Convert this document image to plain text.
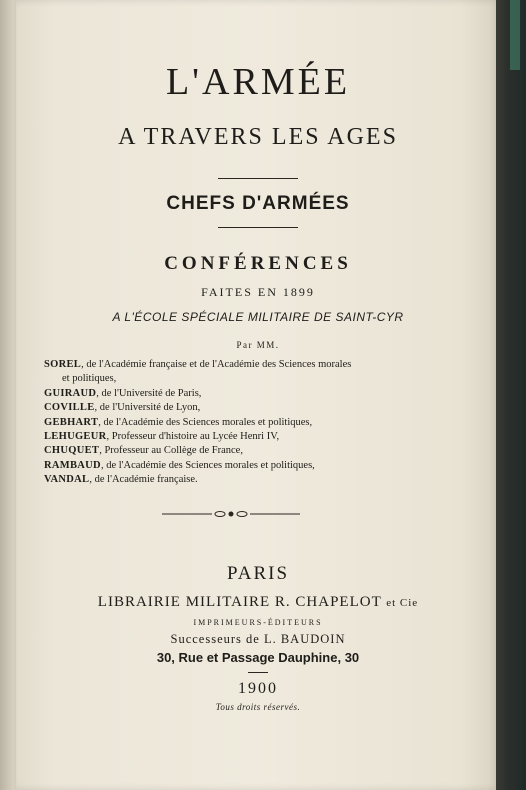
L'ARMÉE
A TRAVERS LES AGES
CHEFS D'ARMÉES
CONFÉRENCES
FAITES EN 1899
A L'ÉCOLE SPÉCIALE MILITAIRE DE SAINT-CYR
Par MM.
SOREL, de l'Académie française et de l'Académie des Sciences morales
et politiques,
GUIRAUD, de l'Université de Paris,
COVILLE, de l'Université de Lyon,
GEBHART, de l'Académie des Sciences morales et politiques,
LEHUGEUR, Professeur d'histoire au Lycée Henri IV,
CHUQUET, Professeur au Collège de France,
RAMBAUD, de l'Académie des Sciences morales et politiques,
VANDAL, de l'Académie française.
PARIS
LIBRAIRIE MILITAIRE R. CHAPELOT et Cie
IMPRIMEURS-ÉDITEURS
Successeurs de L. BAUDOIN
30, Rue et Passage Dauphine, 30
1900
Tous droits réservés.
